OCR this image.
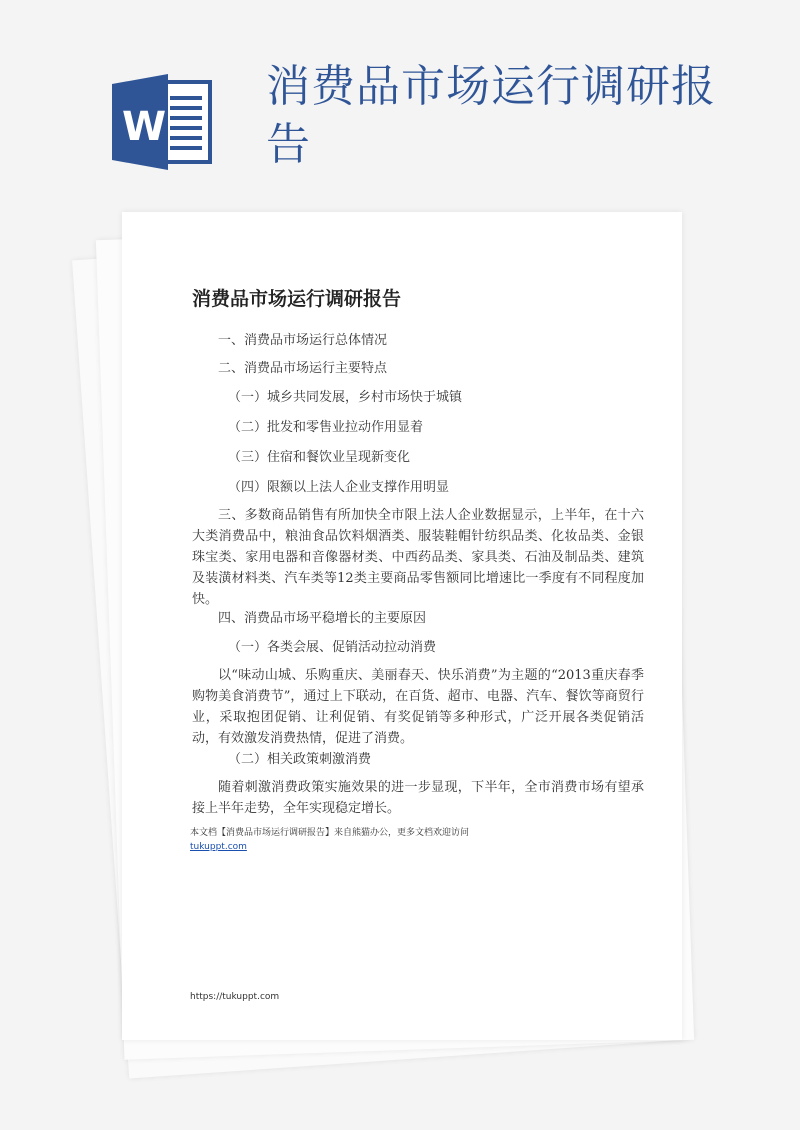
W
消费品市场运行调研报告
消费品市场运行调研报告
一、消费品市场运行总体情况
二、消费品市场运行主要特点
（一）城乡共同发展，乡村市场快于城镇
（二）批发和零售业拉动作用显着
（三）住宿和餐饮业呈现新变化
（四）限额以上法人企业支撑作用明显
三、多数商品销售有所加快全市限上法人企业数据显示，上半年，在十六大类消费品中，粮油食品饮料烟酒类、服装鞋帽针纺织品类、化妆品类、金银珠宝类、家用电器和音像器材类、中西药品类、家具类、石油及制品类、建筑及装潢材料类、汽车类等12类主要商品零售额同比增速比一季度有不同程度加快。
四、消费品市场平稳增长的主要原因
（一）各类会展、促销活动拉动消费
以“味动山城、乐购重庆、美丽春天、快乐消费”为主题的“2013重庆春季购物美食消费节”，通过上下联动，在百货、超市、电器、汽车、餐饮等商贸行业，采取抱团促销、让利促销、有奖促销等多种形式，广泛开展各类促销活动，有效激发消费热情，促进了消费。
（二）相关政策刺激消费
随着刺激消费政策实施效果的进一步显现，下半年，全市消费市场有望承接上半年走势，全年实现稳定增长。
本文档【消费品市场运行调研报告】来自熊猫办公，更多文档欢迎访问
tukuppt.com
https://tukuppt.com
